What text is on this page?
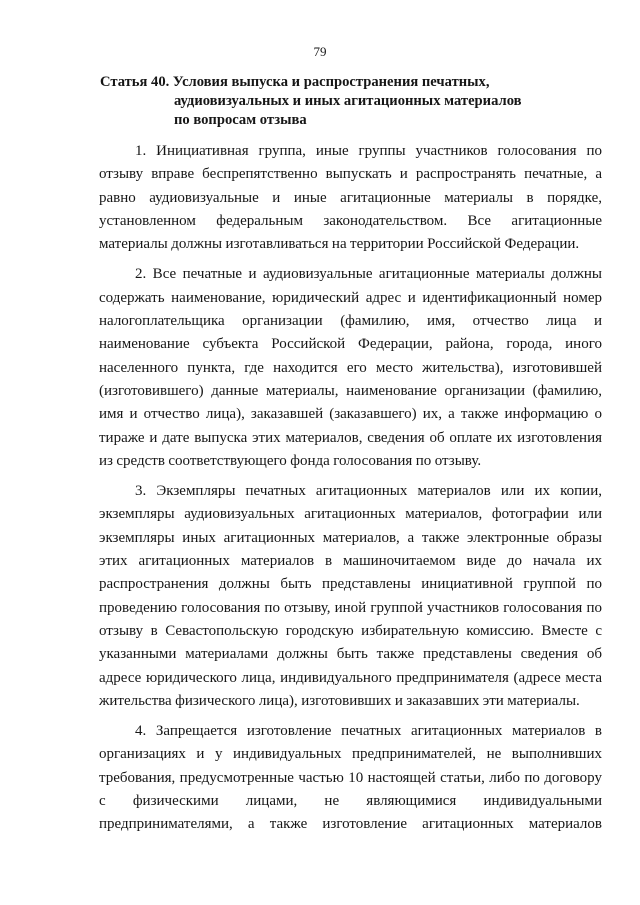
79
Статья 40. Условия выпуска и распространения печатных,
аудиовизуальных и иных агитационных материалов
по вопросам отзыва

1. Инициативная группа, иные группы участников голосования по отзыву вправе беспрепятственно выпускать и распространять печатные, а равно аудиовизуальные и иные агитационные материалы в порядке, установленном федеральным законодательством. Все агитационные материалы должны изготавливаться на территории Российской Федерации.

2. Все печатные и аудиовизуальные агитационные материалы должны содержать наименование, юридический адрес и идентификационный номер налогоплательщика организации (фамилию, имя, отчество лица и наименование субъекта Российской Федерации, района, города, иного населенного пункта, где находится его место жительства), изготовившей (изготовившего) данные материалы, наименование организации (фамилию, имя и отчество лица), заказавшей (заказавшего) их, а также информацию о тираже и дате выпуска этих материалов, сведения об оплате их изготовления из средств соответствующего фонда голосования по отзыву.

3. Экземпляры печатных агитационных материалов или их копии, экземпляры аудиовизуальных агитационных материалов, фотографии или экземпляры иных агитационных материалов, а также электронные образы этих агитационных материалов в машиночитаемом виде до начала их распространения должны быть представлены инициативной группой по проведению голосования по отзыву, иной группой участников голосования по отзыву в Севастопольскую городскую избирательную комиссию. Вместе с указанными материалами должны быть также представлены сведения об адресе юридического лица, индивидуального предпринимателя (адресе места жительства физического лица), изготовивших и заказавших эти материалы.

4. Запрещается изготовление печатных агитационных материалов в организациях и у индивидуальных предпринимателей, не выполнивших требования, предусмотренные частью 10 настоящей статьи, либо по договору с физическими лицами, не являющимися индивидуальными предпринимателями, а также изготовление агитационных материалов
